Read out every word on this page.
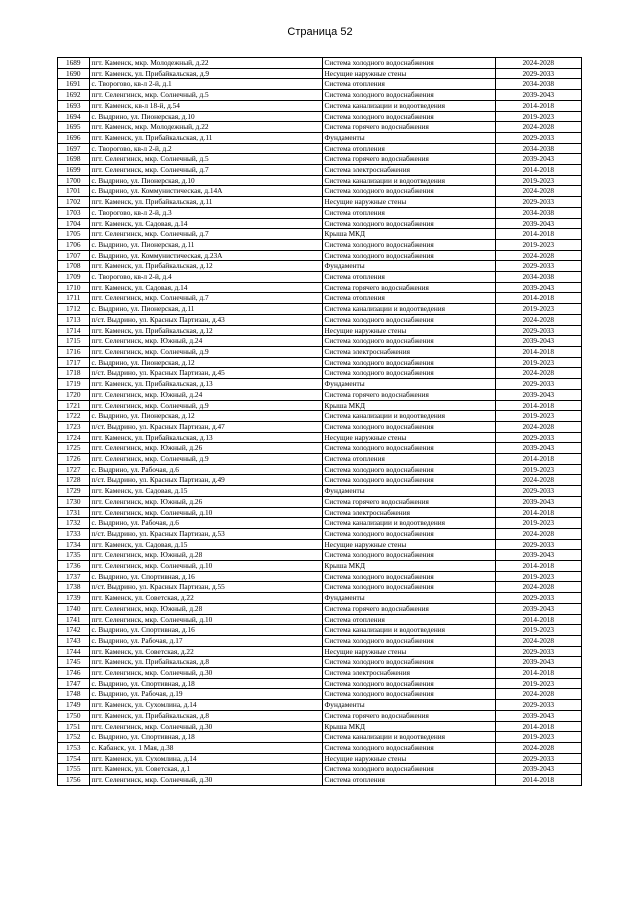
Страница 52
1689	пгт. Каменск, мкр. Молодежный, д.22	Система холодного водоснабжения	2024-2028
1690	пгт. Каменск, ул. Прибайкальская, д.9	Несущие наружные стены	2029-2033
1691	с. Творогово, кв-л 2-й, д.1	Система отопления	2034-2038
1692	пгт. Селенгинск, мкр. Солнечный, д.5	Система холодного водоснабжения	2039-2043
1693	пгт. Каменск, кв-л 18-й, д.54	Система канализации и водоотведения	2014-2018
1694	с. Выдрино, ул. Пионерская, д.10	Система холодного водоснабжения	2019-2023
1695	пгт. Каменск, мкр. Молодежный, д.22	Система горячего водоснабжения	2024-2028
1696	пгт. Каменск, ул. Прибайкальская, д.11	Фундаменты	2029-2033
1697	с. Творогово, кв-л 2-й, д.2	Система отопления	2034-2038
1698	пгт. Селенгинск, мкр. Солнечный, д.5	Система горячего водоснабжения	2039-2043
1699	пгт. Селенгинск, мкр. Солнечный, д.7	Система электроснабжения	2014-2018
1700	с. Выдрино, ул. Пионерская, д.10	Система канализации и водоотведения	2019-2023
1701	с. Выдрино, ул. Коммунистическая, д.14А	Система холодного водоснабжения	2024-2028
1702	пгт. Каменск, ул. Прибайкальская, д.11	Несущие наружные стены	2029-2033
1703	с. Творогово, кв-л 2-й, д.3	Система отопления	2034-2038
1704	пгт. Каменск, ул. Садовая, д.14	Система холодного водоснабжения	2039-2043
1705	пгт. Селенгинск, мкр. Солнечный, д.7	Крыша МКД	2014-2018
1706	с. Выдрино, ул. Пионерская, д.11	Система холодного водоснабжения	2019-2023
1707	с. Выдрино, ул. Коммунистическая, д.23А	Система холодного водоснабжения	2024-2028
1708	пгт. Каменск, ул. Прибайкальская, д.12	Фундаменты	2029-2033
1709	с. Творогово, кв-л 2-й, д.4	Система отопления	2034-2038
1710	пгт. Каменск, ул. Садовая, д.14	Система горячего водоснабжения	2039-2043
1711	пгт. Селенгинск, мкр. Солнечный, д.7	Система отопления	2014-2018
1712	с. Выдрино, ул. Пионерская, д.11	Система канализации и водоотведения	2019-2023
1713	п/ст. Выдрино, ул. Красных Партизан, д.43	Система холодного водоснабжения	2024-2028
1714	пгт. Каменск, ул. Прибайкальская, д.12	Несущие наружные стены	2029-2033
1715	пгт. Селенгинск, мкр. Южный, д.24	Система холодного водоснабжения	2039-2043
1716	пгт. Селенгинск, мкр. Солнечный, д.9	Система электроснабжения	2014-2018
1717	с. Выдрино, ул. Пионерская, д.12	Система холодного водоснабжения	2019-2023
1718	п/ст. Выдрино, ул. Красных Партизан, д.45	Система холодного водоснабжения	2024-2028
1719	пгт. Каменск, ул. Прибайкальская, д.13	Фундаменты	2029-2033
1720	пгт. Селенгинск, мкр. Южный, д.24	Система горячего водоснабжения	2039-2043
1721	пгт. Селенгинск, мкр. Солнечный, д.9	Крыша МКД	2014-2018
1722	с. Выдрино, ул. Пионерская, д.12	Система канализации и водоотведения	2019-2023
1723	п/ст. Выдрино, ул. Красных Партизан, д.47	Система холодного водоснабжения	2024-2028
1724	пгт. Каменск, ул. Прибайкальская, д.13	Несущие наружные стены	2029-2033
1725	пгт. Селенгинск, мкр. Южный, д.26	Система холодного водоснабжения	2039-2043
1726	пгт. Селенгинск, мкр. Солнечный, д.9	Система отопления	2014-2018
1727	с. Выдрино, ул. Рабочая, д.6	Система холодного водоснабжения	2019-2023
1728	п/ст. Выдрино, ул. Красных Партизан, д.49	Система холодного водоснабжения	2024-2028
1729	пгт. Каменск, ул. Садовая, д.15	Фундаменты	2029-2033
1730	пгт. Селенгинск, мкр. Южный, д.26	Система горячего водоснабжения	2039-2043
1731	пгт. Селенгинск, мкр. Солнечный, д.10	Система электроснабжения	2014-2018
1732	с. Выдрино, ул. Рабочая, д.6	Система канализации и водоотведения	2019-2023
1733	п/ст. Выдрино, ул. Красных Партизан, д.53	Система холодного водоснабжения	2024-2028
1734	пгт. Каменск, ул. Садовая, д.15	Несущие наружные стены	2029-2033
1735	пгт. Селенгинск, мкр. Южный, д.28	Система холодного водоснабжения	2039-2043
1736	пгт. Селенгинск, мкр. Солнечный, д.10	Крыша МКД	2014-2018
1737	с. Выдрино, ул. Спортивная, д.16	Система холодного водоснабжения	2019-2023
1738	п/ст. Выдрино, ул. Красных Партизан, д.55	Система холодного водоснабжения	2024-2028
1739	пгт. Каменск, ул. Советская, д.22	Фундаменты	2029-2033
1740	пгт. Селенгинск, мкр. Южный, д.28	Система горячего водоснабжения	2039-2043
1741	пгт. Селенгинск, мкр. Солнечный, д.10	Система отопления	2014-2018
1742	с. Выдрино, ул. Спортивная, д.16	Система канализации и водоотведения	2019-2023
1743	с. Выдрино, ул. Рабочая, д.17	Система холодного водоснабжения	2024-2028
1744	пгт. Каменск, ул. Советская, д.22	Несущие наружные стены	2029-2033
1745	пгт. Каменск, ул. Прибайкальская, д.8	Система холодного водоснабжения	2039-2043
1746	пгт. Селенгинск, мкр. Солнечный, д.30	Система электроснабжения	2014-2018
1747	с. Выдрино, ул. Спортивная, д.18	Система холодного водоснабжения	2019-2023
1748	с. Выдрино, ул. Рабочая, д.19	Система холодного водоснабжения	2024-2028
1749	пгт. Каменск, ул. Сухомлина, д.14	Фундаменты	2029-2033
1750	пгт. Каменск, ул. Прибайкальская, д.8	Система горячего водоснабжения	2039-2043
1751	пгт. Селенгинск, мкр. Солнечный, д.30	Крыша МКД	2014-2018
1752	с. Выдрино, ул. Спортивная, д.18	Система канализации и водоотведения	2019-2023
1753	с. Кабанск, ул. 1 Мая, д.38	Система холодного водоснабжения	2024-2028
1754	пгт. Каменск, ул. Сухомлина, д.14	Несущие наружные стены	2029-2033
1755	пгт. Каменск, ул. Советская, д.1	Система холодного водоснабжения	2039-2043
1756	пгт. Селенгинск, мкр. Солнечный, д.30	Система отопления	2014-2018
